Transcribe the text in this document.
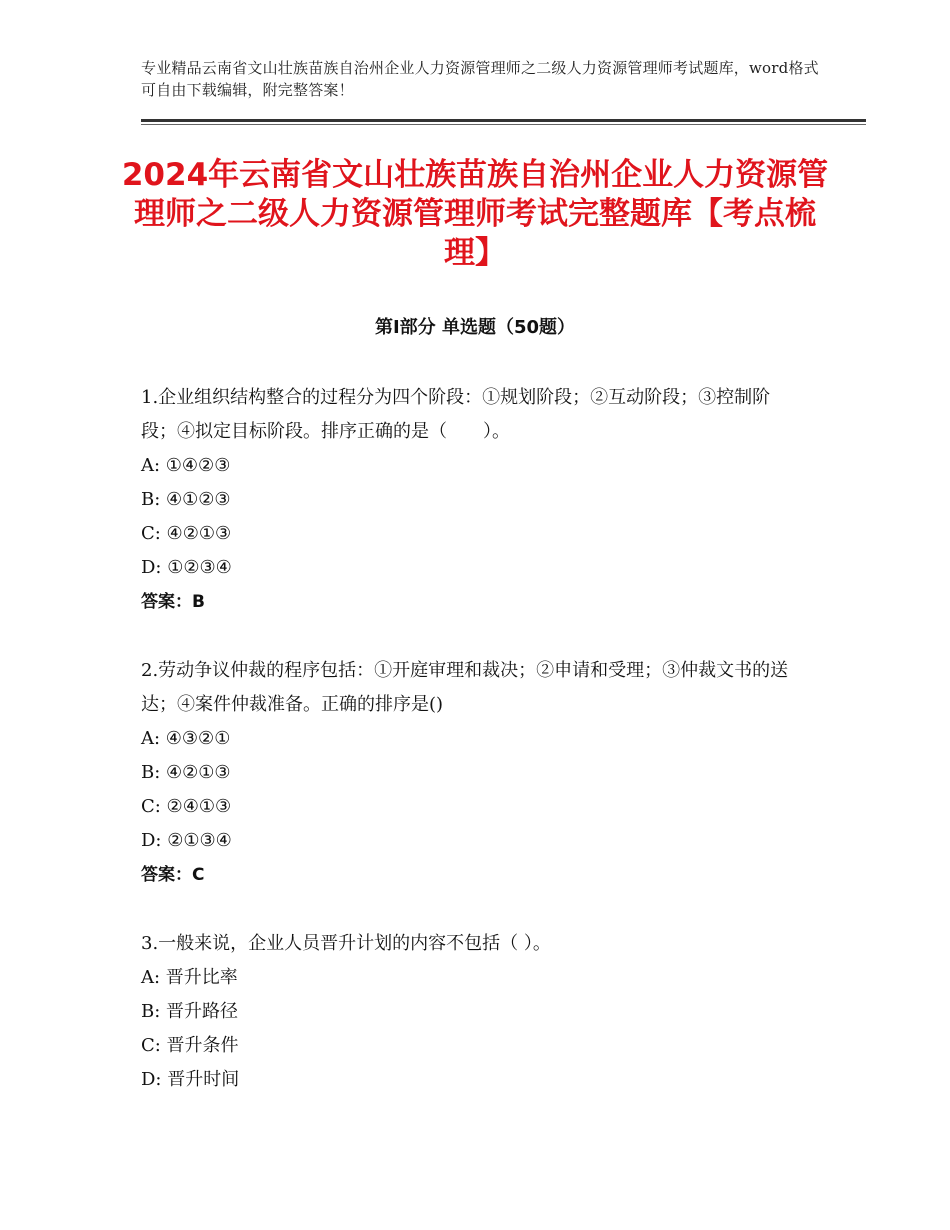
专业精品云南省文山壮族苗族自治州企业人力资源管理师之二级人力资源管理师考试题库，word格式可自由下载编辑，附完整答案！
2024年云南省文山壮族苗族自治州企业人力资源管理师之二级人力资源管理师考试完整题库【考点梳理】
第Ⅰ部分 单选题（50题）
1.企业组织结构整合的过程分为四个阶段：①规划阶段；②互动阶段；③控制阶段；④拟定目标阶段。排序正确的是（　　）。
A: ①④②③
B: ④①②③
C: ④②①③
D: ①②③④
答案：B
2.劳动争议仲裁的程序包括：①开庭审理和裁决；②申请和受理；③仲裁文书的送达；④案件仲裁准备。正确的排序是()
A: ④③②①
B: ④②①③
C: ②④①③
D: ②①③④
答案：C
3.一般来说，企业人员晋升计划的内容不包括（ ）。
A: 晋升比率
B: 晋升路径
C: 晋升条件
D: 晋升时间
